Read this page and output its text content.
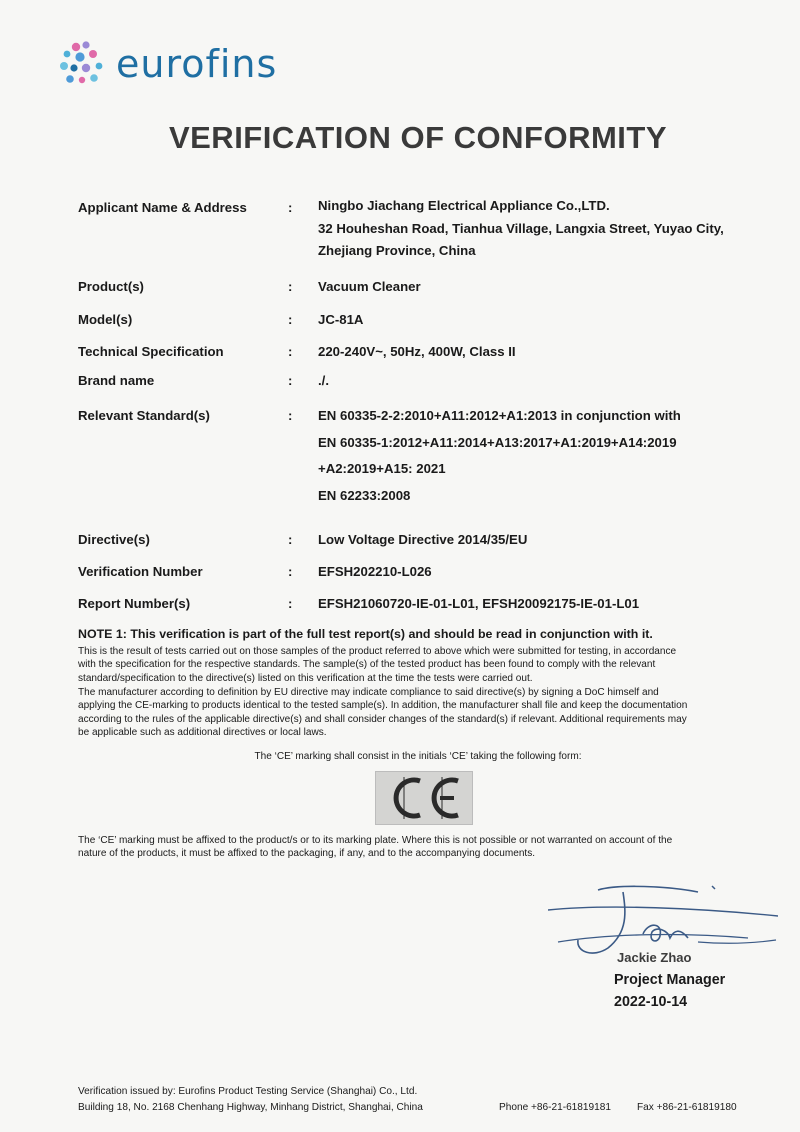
eurofins
VERIFICATION OF CONFORMITY
Applicant Name & Address	: Ningbo Jiachang Electrical Appliance Co.,LTD.
32 Houheshan Road, Tianhua Village, Langxia Street, Yuyao City,
Zhejiang Province, China
Product(s)	: Vacuum Cleaner
Model(s)	: JC-81A
Technical Specification	: 220-240V~, 50Hz, 400W, Class II
Brand name	: ./.
Relevant Standard(s)	: EN 60335-2-2:2010+A11:2012+A1:2013 in conjunction with
EN 60335-1:2012+A11:2014+A13:2017+A1:2019+A14:2019
+A2:2019+A15: 2021
EN 62233:2008
Directive(s)	: Low Voltage Directive 2014/35/EU
Verification Number	: EFSH202210-L026
Report Number(s)	: EFSH21060720-IE-01-L01, EFSH20092175-IE-01-L01
NOTE 1: This verification is part of the full test report(s) and should be read in conjunction with it.
This is the result of tests carried out on those samples of the product referred to above which were submitted for testing, in accordance
with the specification for the respective standards. The sample(s) of the tested product has been found to comply with the relevant
standard/specification to the directive(s) listed on this verification at the time the tests were carried out.
The manufacturer according to definition by EU directive may indicate compliance to said directive(s) by signing a DoC himself and
applying the CE-marking to products identical to the tested sample(s). In addition, the manufacturer shall file and keep the documentation
according to the rules of the applicable directive(s) and shall consider changes of the standard(s) if relevant. Additional requirements may
be applicable such as additional directives or local laws.
The ‘CE’ marking shall consist in the initials ‘CE’ taking the following form:
The ‘CE’ marking must be affixed to the product/s or to its marking plate. Where this is not possible or not warranted on account of the
nature of the products, it must be affixed to the packaging, if any, and to the accompanying documents.
Jackie Zhao
Project Manager
2022-10-14
Verification issued by: Eurofins Product Testing Service (Shanghai) Co., Ltd.
Building 18, No. 2168 Chenhang Highway, Minhang District, Shanghai, China	Phone +86-21-61819181	Fax +86-21-61819180
